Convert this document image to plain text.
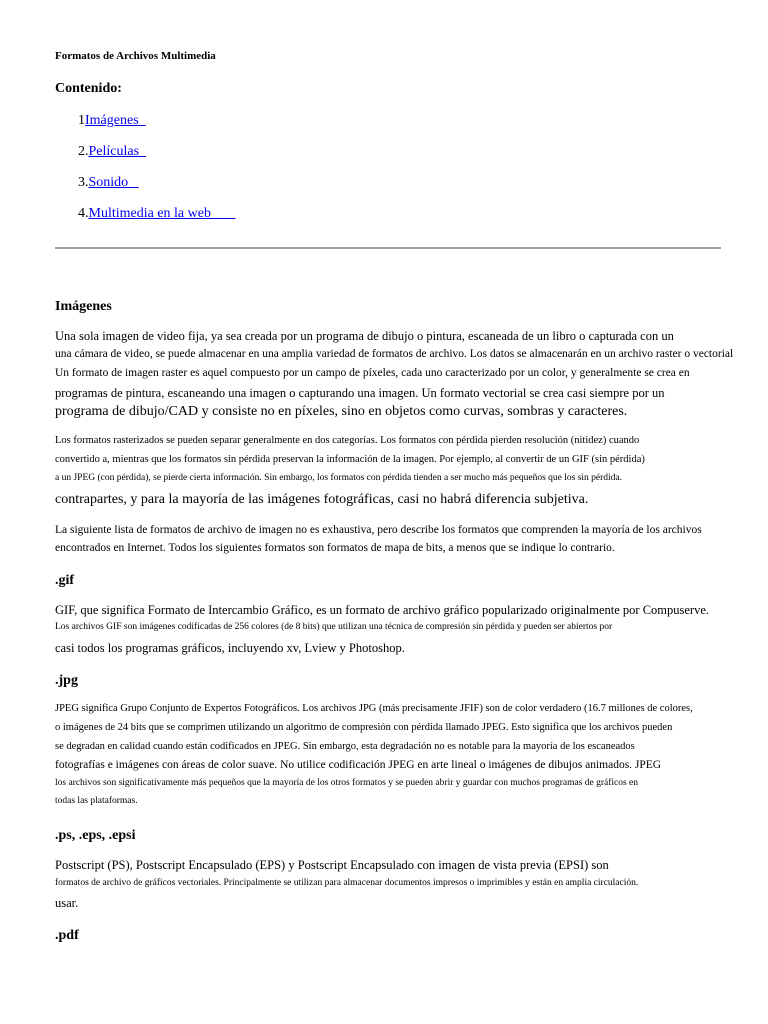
Formatos de Archivos Multimedia
Contenido:
1Imágenes
2.Películas
3.Sonido
4.Multimedia en la web
Imágenes
Una sola imagen de video fija, ya sea creada por un programa de dibujo o pintura, escaneada de un libro o capturada con un
una cámara de video, se puede almacenar en una amplia variedad de formatos de archivo. Los datos se almacenarán en un archivo raster o vectorial
Un formato de imagen raster es aquel compuesto por un campo de píxeles, cada uno caracterizado por un color, y generalmente se crea en
programas de pintura, escaneando una imagen o capturando una imagen. Un formato vectorial se crea casi siempre por un
programa de dibujo/CAD y consiste no en píxeles, sino en objetos como curvas, sombras y caracteres.
Los formatos rasterizados se pueden separar generalmente en dos categorías. Los formatos con pérdida pierden resolución (nitidez) cuando
convertido a, mientras que los formatos sin pérdida preservan la información de la imagen. Por ejemplo, al convertir de un GIF (sin pérdida)
a un JPEG (con pérdida), se pierde cierta información. Sin embargo, los formatos con pérdida tienden a ser mucho más pequeños que los sin pérdida.
contrapartes, y para la mayoría de las imágenes fotográficas, casi no habrá diferencia subjetiva.
La siguiente lista de formatos de archivo de imagen no es exhaustiva, pero describe los formatos que comprenden la mayoría de los archivos
encontrados en Internet. Todos los siguientes formatos son formatos de mapa de bits, a menos que se indique lo contrario.
.gif
GIF, que significa Formato de Intercambio Gráfico, es un formato de archivo gráfico popularizado originalmente por Compuserve.
Los archivos GIF son imágenes codificadas de 256 colores (de 8 bits) que utilizan una técnica de compresión sin pérdida y pueden ser abiertos por
casi todos los programas gráficos, incluyendo xv, Lview y Photoshop.
.jpg
JPEG significa Grupo Conjunto de Expertos Fotográficos. Los archivos JPG (más precisamente JFIF) son de color verdadero (16.7 millones de colores,
o imágenes de 24 bits que se comprimen utilizando un algoritmo de compresión con pérdida llamado JPEG. Esto significa que los archivos pueden
se degradan en calidad cuando están codificados en JPEG. Sin embargo, esta degradación no es notable para la mayoría de los escaneados
fotografías e imágenes con áreas de color suave. No utilice codificación JPEG en arte lineal o imágenes de dibujos animados. JPEG
los archivos son significativamente más pequeños que la mayoría de los otros formatos y se pueden abrir y guardar con muchos programas de gráficos en
todas las plataformas.
.ps, .eps, .epsi
Postscript (PS), Postscript Encapsulado (EPS) y Postscript Encapsulado con imagen de vista previa (EPSI) son
formatos de archivo de gráficos vectoriales. Principalmente se utilizan para almacenar documentos impresos o imprimibles y están en amplia circulación.
usar.
.pdf
